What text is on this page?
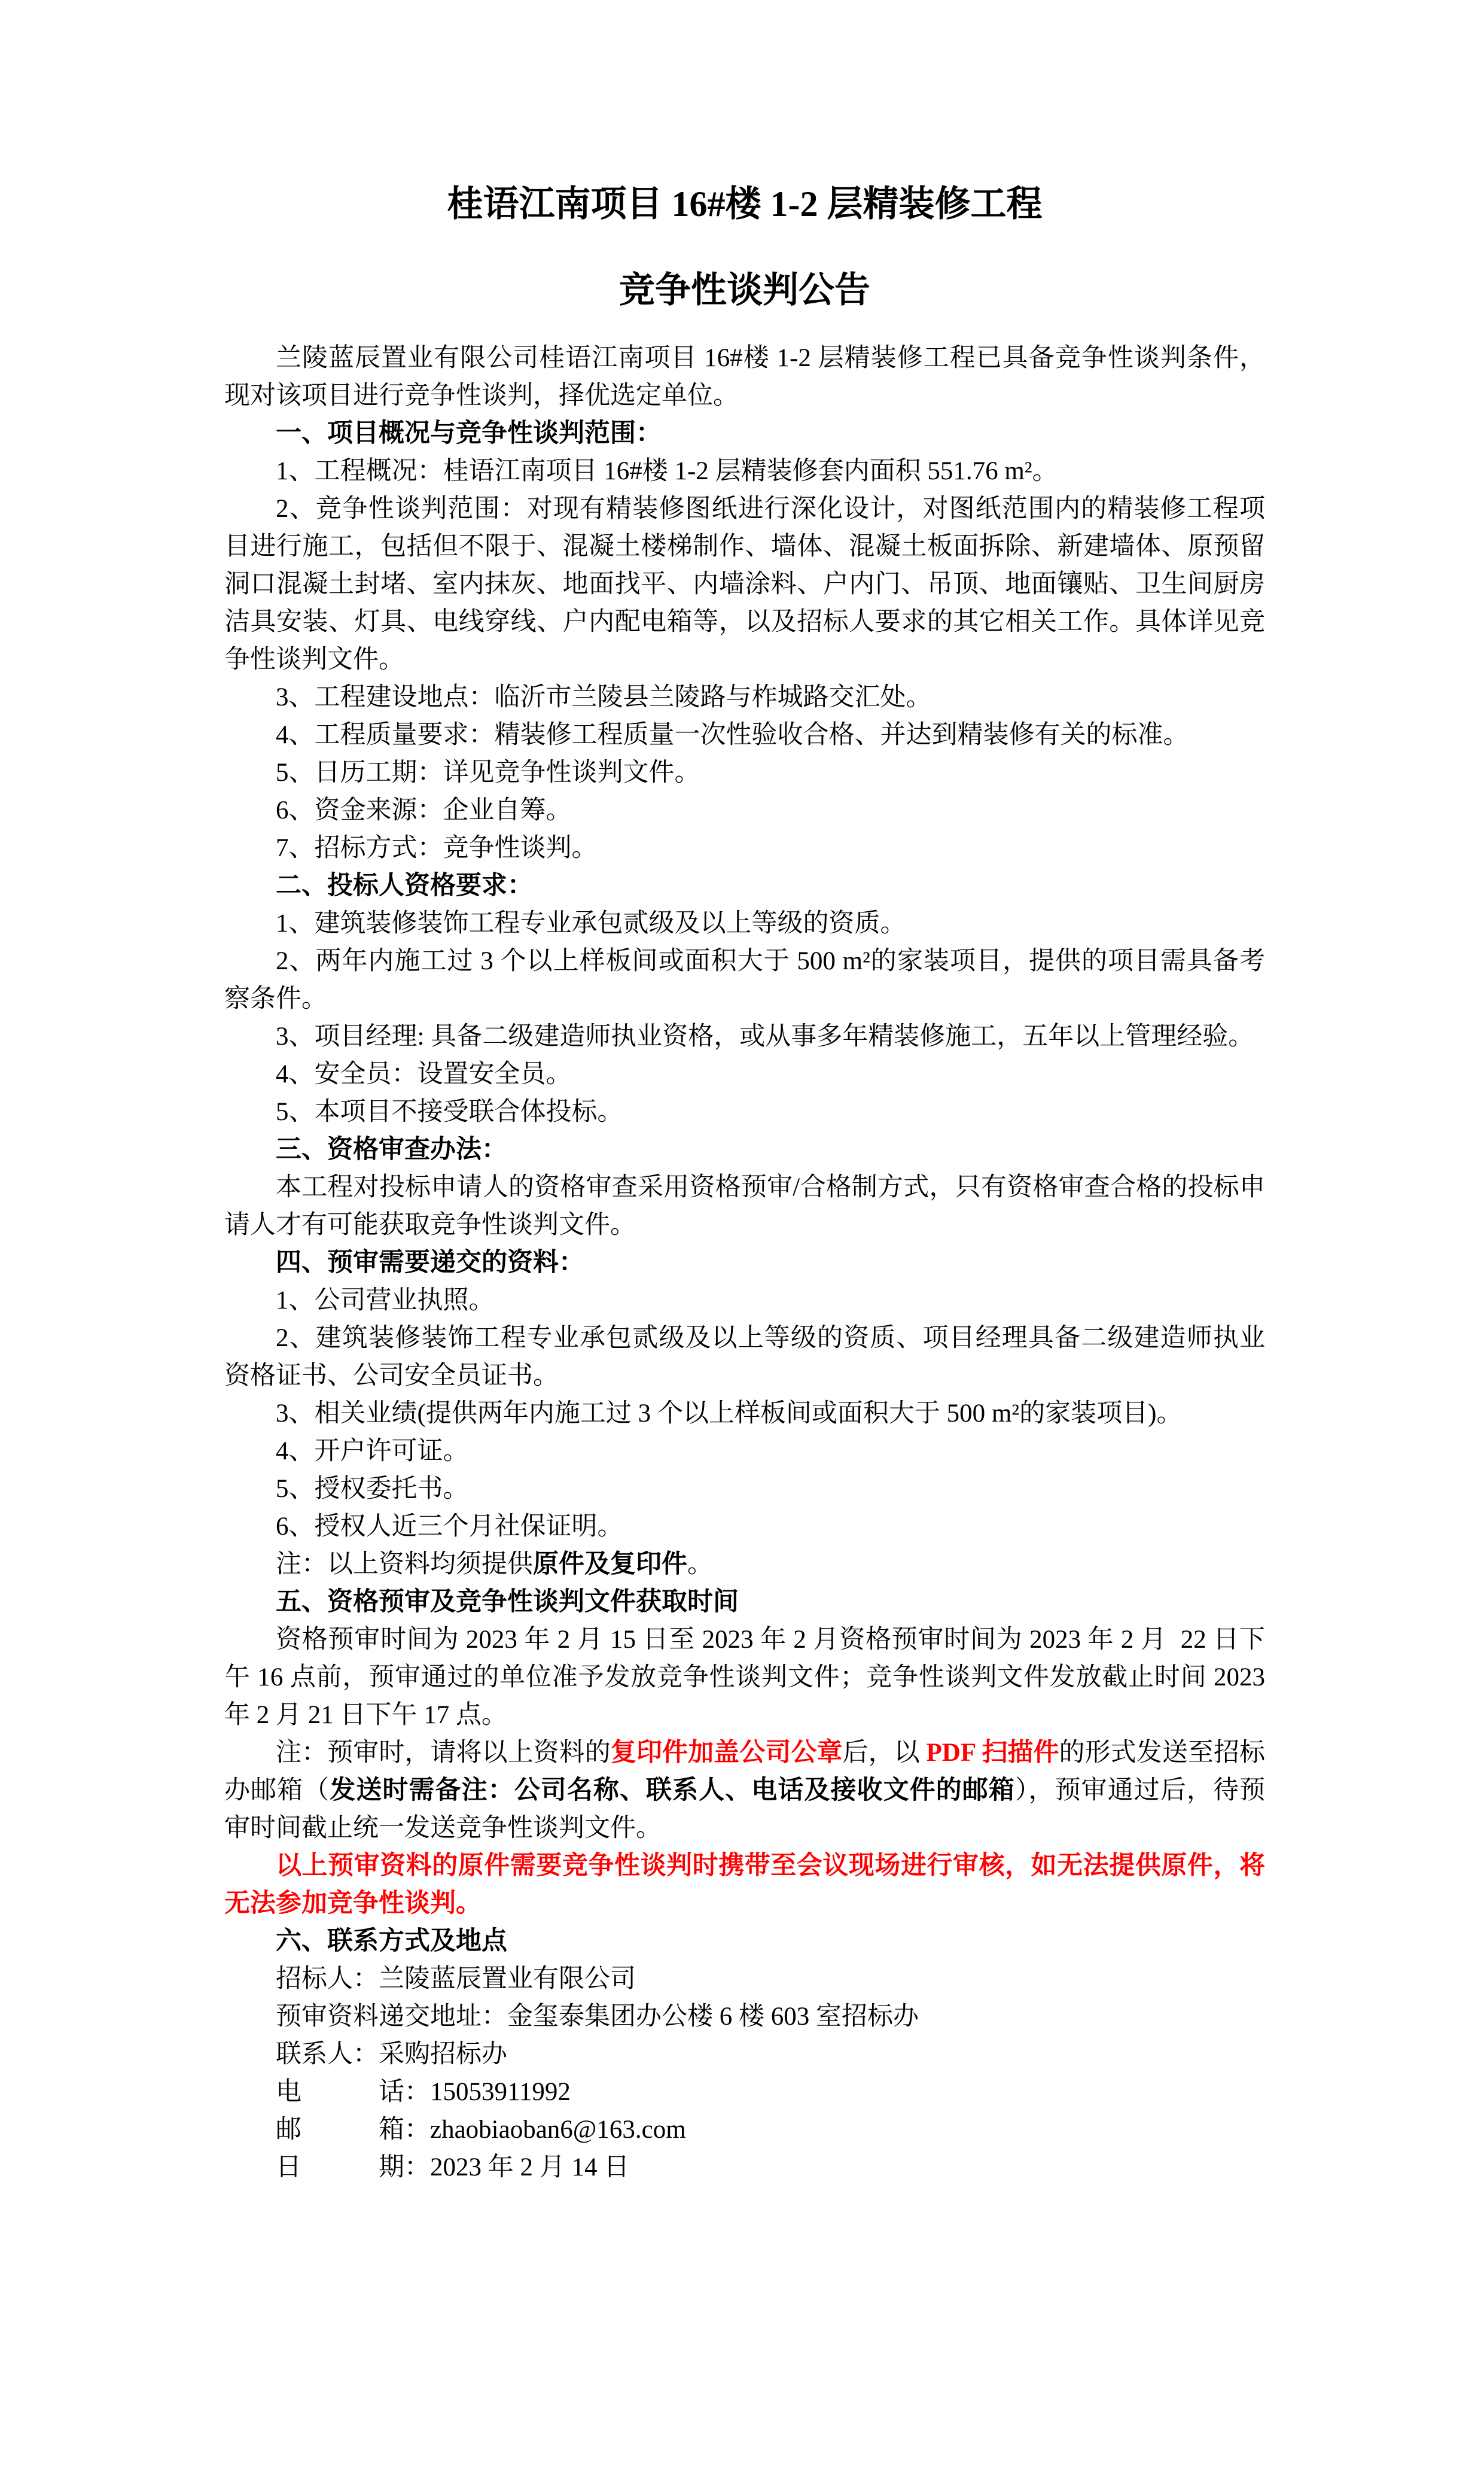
桂语江南项目 16#楼 1-2 层精装修工程
竞争性谈判公告

兰陵蓝辰置业有限公司桂语江南项目 16#楼 1-2 层精装修工程已具备竞争性谈判条件，现对该项目进行竞争性谈判，择优选定单位。

一、项目概况与竞争性谈判范围：

1、工程概况：桂语江南项目 16#楼 1-2 层精装修套内面积 551.76 m²。

2、竞争性谈判范围：对现有精装修图纸进行深化设计，对图纸范围内的精装修工程项目进行施工，包括但不限于、混凝土楼梯制作、墙体、混凝土板面拆除、新建墙体、原预留洞口混凝土封堵、室内抹灰、地面找平、内墙涂料、户内门、吊顶、地面镶贴、卫生间厨房洁具安装、灯具、电线穿线、户内配电箱等，以及招标人要求的其它相关工作。具体详见竞争性谈判文件。

3、工程建设地点：临沂市兰陵县兰陵路与柞城路交汇处。

4、工程质量要求：精装修工程质量一次性验收合格、并达到精装修有关的标准。

5、日历工期：详见竞争性谈判文件。

6、资金来源：企业自筹。

7、招标方式：竞争性谈判。

二、投标人资格要求：

1、建筑装修装饰工程专业承包贰级及以上等级的资质。

2、两年内施工过 3 个以上样板间或面积大于 500 m²的家装项目，提供的项目需具备考察条件。

3、项目经理: 具备二级建造师执业资格，或从事多年精装修施工，五年以上管理经验。

4、安全员：设置安全员。

5、本项目不接受联合体投标。

三、资格审查办法：

本工程对投标申请人的资格审查采用资格预审/合格制方式，只有资格审查合格的投标申请人才有可能获取竞争性谈判文件。

四、预审需要递交的资料：

1、公司营业执照。

2、建筑装修装饰工程专业承包贰级及以上等级的资质、项目经理具备二级建造师执业资格证书、公司安全员证书。

3、相关业绩(提供两年内施工过 3 个以上样板间或面积大于 500 m²的家装项目)。

4、开户许可证。

5、授权委托书。

6、授权人近三个月社保证明。

注：以上资料均须提供原件及复印件。

五、资格预审及竞争性谈判文件获取时间

资格预审时间为 2023 年 2 月 15 日至 2023 年 2 月资格预审时间为 2023 年 2 月  22 日下午 16 点前，预审通过的单位准予发放竞争性谈判文件；竞争性谈判文件发放截止时间 2023 年 2 月 21 日下午 17 点。

注：预审时，请将以上资料的复印件加盖公司公章后，以 PDF 扫描件的形式发送至招标办邮箱（发送时需备注：公司名称、联系人、电话及接收文件的邮箱），预审通过后，待预审时间截止统一发送竞争性谈判文件。

以上预审资料的原件需要竞争性谈判时携带至会议现场进行审核，如无法提供原件，将无法参加竞争性谈判。

六、联系方式及地点

招标人：兰陵蓝辰置业有限公司

预审资料递交地址：金玺泰集团办公楼 6 楼 603 室招标办

联系人：采购招标办

电　　　话：15053911992

邮　　　箱：zhaobiaoban6@163.com

日　　　期：2023 年 2 月 14 日
